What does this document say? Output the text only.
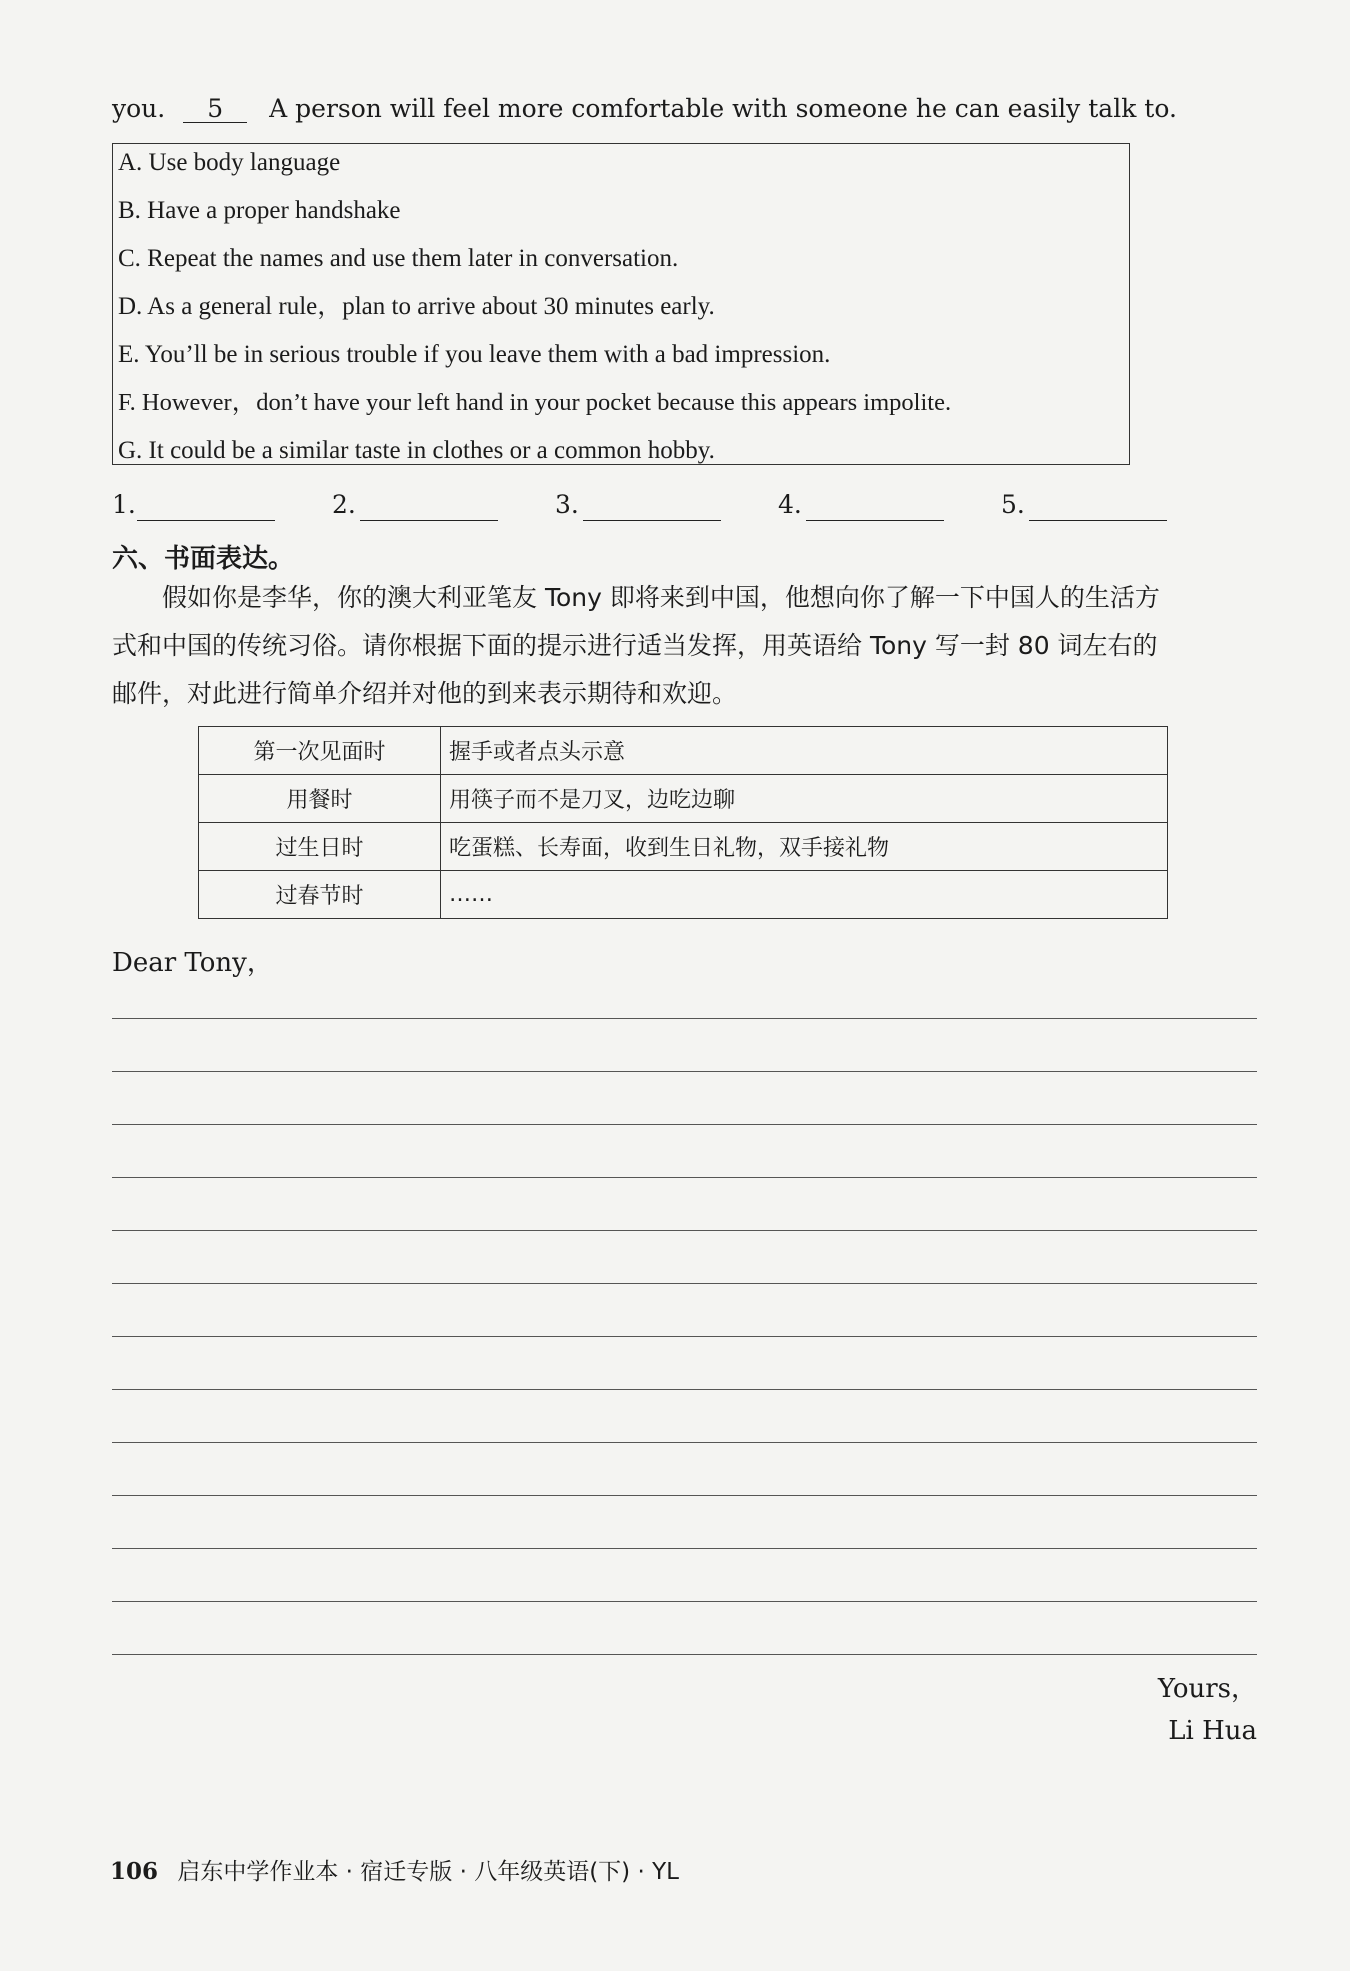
you. 5 A person will feel more comfortable with someone he can easily talk to.
A. Use body language
B. Have a proper handshake
C. Repeat the names and use them later in conversation.
D. As a general rule，plan to arrive about 30 minutes early.
E. You’ll be in serious trouble if you leave them with a bad impression.
F. However，don’t have your left hand in your pocket because this appears impolite.
G. It could be a similar taste in clothes or a common hobby.
1.	2.	3.	4.	5.
六、书面表达。
假如你是李华，你的澳大利亚笔友 Tony 即将来到中国，他想向你了解一下中国人的生活方
式和中国的传统习俗。请你根据下面的提示进行适当发挥，用英语给 Tony 写一封 80 词左右的
邮件，对此进行简单介绍并对他的到来表示期待和欢迎。
第一次见面时	握手或者点头示意
用餐时	用筷子而不是刀叉，边吃边聊
过生日时	吃蛋糕、长寿面，收到生日礼物，双手接礼物
过春节时	……
Dear Tony，
Yours，
Li Hua
106 启东中学作业本 · 宿迁专版 · 八年级英语(下) · YL
